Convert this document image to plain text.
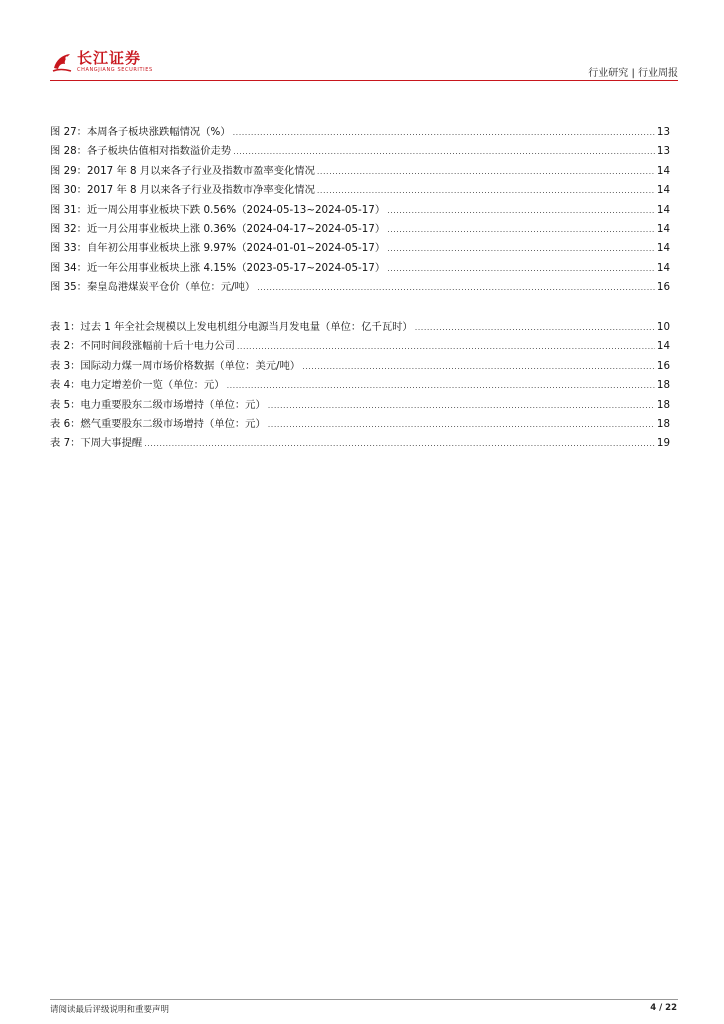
长江证券
CHANGJIANG SECURITIES	行业研究 | 行业周报
图 27：本周各子板块涨跌幅情况（%） .....	13
图 28：各子板块估值相对指数溢价走势 .....	13
图 29：2017 年 8 月以来各子行业及指数市盈率变化情况 .....	14
图 30：2017 年 8 月以来各子行业及指数市净率变化情况 .....	14
图 31：近一周公用事业板块下跌 0.56%（2024-05-13~2024-05-17） .....	14
图 32：近一月公用事业板块上涨 0.36%（2024-04-17~2024-05-17） .....	14
图 33：自年初公用事业板块上涨 9.97%（2024-01-01~2024-05-17） .....	14
图 34：近一年公用事业板块上涨 4.15%（2023-05-17~2024-05-17） .....	14
图 35：秦皇岛港煤炭平仓价（单位：元/吨） .....	16
表 1：过去 1 年全社会规模以上发电机组分电源当月发电量（单位：亿千瓦时） .....	10
表 2：不同时间段涨幅前十后十电力公司 .....	14
表 3：国际动力煤一周市场价格数据（单位：美元/吨） .....	16
表 4：电力定增差价一览（单位：元） .....	18
表 5：电力重要股东二级市场增持（单位：元） .....	18
表 6：燃气重要股东二级市场增持（单位：元） .....	18
表 7：下周大事提醒 .....	19
请阅读最后评级说明和重要声明	4 / 22
